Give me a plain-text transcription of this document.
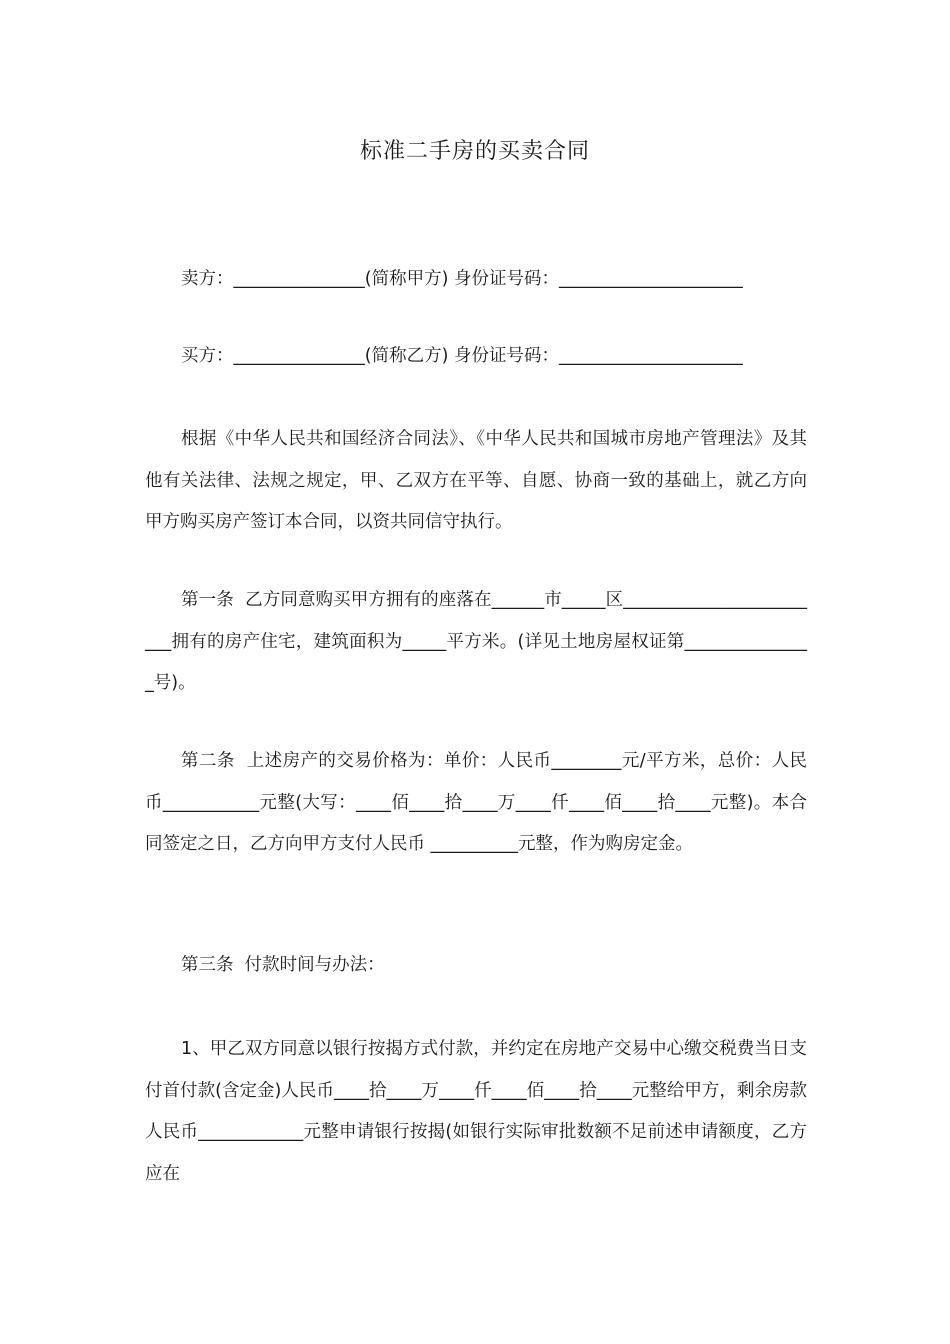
标准二手房的买卖合同

卖方：_______________(简称甲方) 身份证号码：_____________________

买方：_______________(简称乙方) 身份证号码：_____________________

根据《中华人民共和国经济合同法》、《中华人民共和国城市房地产管理法》及其他有关法律、法规之规定，甲、乙双方在平等、自愿、协商一致的基础上，就乙方向甲方购买房产签订本合同，以资共同信守执行。

第一条  乙方同意购买甲方拥有的座落在______市_____区________________________拥有的房产住宅，建筑面积为_____平方米。(详见土地房屋权证第_______________号)。

第二条  上述房产的交易价格为：单价：人民币________元/平方米，总价：人民币___________元整(大写：____佰____拾____万____仟____佰____拾____元整)。本合同签定之日，乙方向甲方支付人民币 __________元整，作为购房定金。

第三条  付款时间与办法：

1、甲乙双方同意以银行按揭方式付款，并约定在房地产交易中心缴交税费当日支付首付款(含定金)人民币____拾____万____仟____佰____拾____元整给甲方，剩余房款人民币____________元整申请银行按揭(如银行实际审批数额不足前述申请额度，乙方应在
